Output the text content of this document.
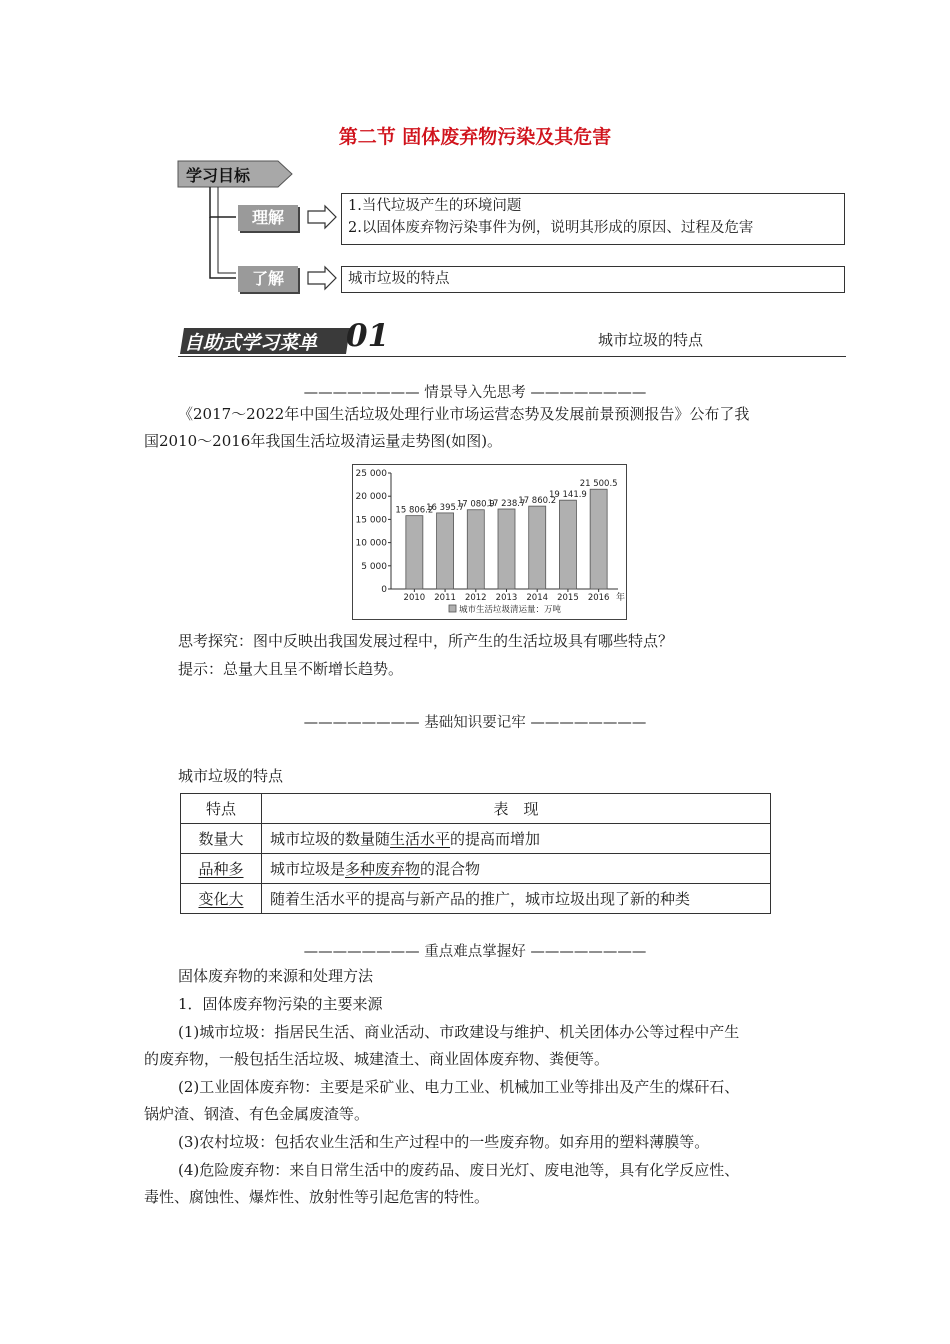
第二节 固体废弃物污染及其危害
学习目标
理解
1.当代垃圾产生的环境问题
2.以固体废弃物污染事件为例，说明其形成的原因、过程及危害
了解	城市垃圾的特点
自助式学习菜单 01	城市垃圾的特点
———————— 情景导入先思考 ————————
《2017～2022年中国生活垃圾处理行业市场运营态势及发展前景预测报告》公布了我
国2010～2016年我国生活垃圾清运量走势图(如图)。
0
5 000
10 000
15 000
20 000
25 000
15 806.2
2010
16 395.7
2011
17 080.9
2012
17 238.7
2013
17 860.2
2014
19 141.9
2015
21 500.5
2016 年
城市生活垃圾清运量：万吨
思考探究：图中反映出我国发展过程中，所产生的生活垃圾具有哪些特点？
提示：总量大且呈不断增长趋势。
———————— 基础知识要记牢 ————————
城市垃圾的特点
特点	表　现
数量大	城市垃圾的数量随生活水平的提高而增加
品种多	城市垃圾是多种废弃物的混合物
变化大	随着生活水平的提高与新产品的推广，城市垃圾出现了新的种类
———————— 重点难点掌握好 ————————
固体废弃物的来源和处理方法
1．固体废弃物污染的主要来源
(1)城市垃圾：指居民生活、商业活动、市政建设与维护、机关团体办公等过程中产生
的废弃物，一般包括生活垃圾、城建渣土、商业固体废弃物、粪便等。
(2)工业固体废弃物：主要是采矿业、电力工业、机械加工业等排出及产生的煤矸石、
锅炉渣、钢渣、有色金属废渣等。
(3)农村垃圾：包括农业生活和生产过程中的一些废弃物。如弃用的塑料薄膜等。
(4)危险废弃物：来自日常生活中的废药品、废日光灯、废电池等，具有化学反应性、
毒性、腐蚀性、爆炸性、放射性等引起危害的特性。
